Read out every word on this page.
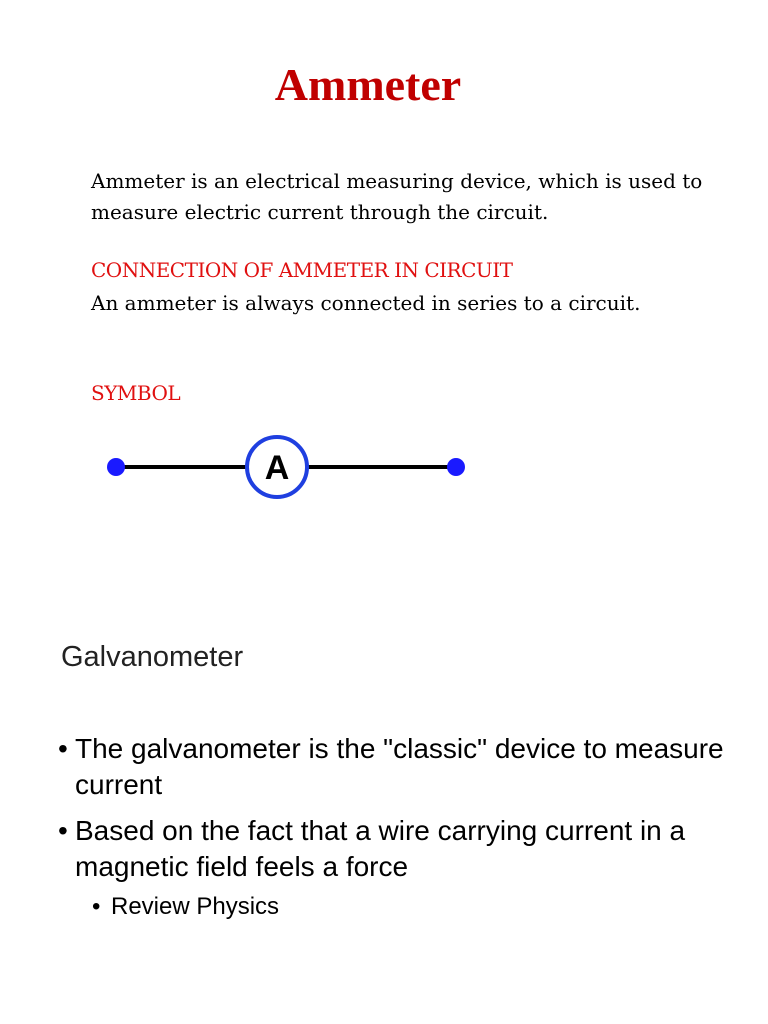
Ammeter

Ammeter is an electrical measuring device, which is used to measure electric current through the circuit.

CONNECTION OF AMMETER IN CIRCUIT

An ammeter is always connected in series to a circuit.

SYMBOL

A

Galvanometer

• The galvanometer is the "classic" device to measure current
• Based on the fact that a wire carrying current in a magnetic field feels a force

• Review Physics
